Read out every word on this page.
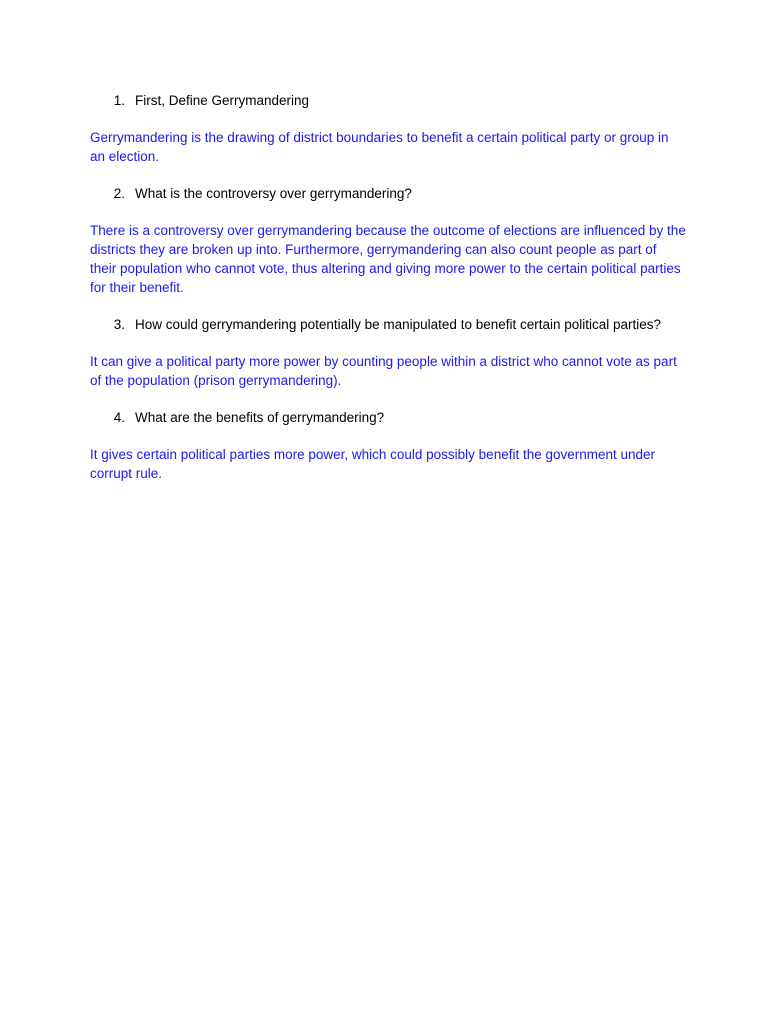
1. First, Define Gerrymandering

Gerrymandering is the drawing of district boundaries to benefit a certain political party or group in an election.

2. What is the controversy over gerrymandering?

There is a controversy over gerrymandering because the outcome of elections are influenced by the districts they are broken up into. Furthermore, gerrymandering can also count people as part of their population who cannot vote, thus altering and giving more power to the certain political parties for their benefit.

3. How could gerrymandering potentially be manipulated to benefit certain political parties?

It can give a political party more power by counting people within a district who cannot vote as part of the population (prison gerrymandering).

4. What are the benefits of gerrymandering?

It gives certain political parties more power, which could possibly benefit the government under corrupt rule.
